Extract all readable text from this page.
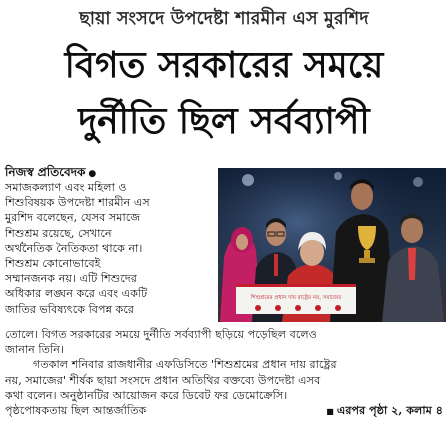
ছায়া সংসদে উপদেষ্টা শারমীন এস মুরশিদ
বিগত সরকারের সময়ে
দুর্নীতি ছিল সর্বব্যাপী
নিজস্ব প্রতিবেদক ●
সমাজকল্যাণ এবং মহিলা ও
শিশুবিষয়ক উপদেষ্টা শারমীন এস
মুরশিদ বলেছেন, যেসব সমাজে
শিশুশ্রম রয়েছে, সেখানে
অর্থনৈতিক নৈতিকতা থাকে না।
শিশুশ্রম কোনোভাবেই
সম্মানজনক নয়। এটি শিশুদের
অধিকার লঙ্ঘন করে এবং একটি
জাতির ভবিষ্যৎকে বিপন্ন করে
শিশুশ্রমের প্রধান দায় রাষ্ট্রের নয়, সমাজের
তোলে। বিগত সরকারের সময়ে দুর্নীতি সর্বব্যাপী ছড়িয়ে পড়েছিল বলেও
জানান তিনি।
গতকাল শনিবার রাজধানীর এফডিসিতে 'শিশুশ্রমের প্রধান দায় রাষ্ট্রের
নয়, সমাজের' শীর্ষক ছায়া সংসদে প্রধান অতিথির বক্তব্যে উপদেষ্টা এসব
কথা বলেন। অনুষ্ঠানটির আয়োজন করে ডিবেট ফর ডেমোক্রেসি।
পৃষ্ঠপোষকতায় ছিল আন্তর্জাতিক	■ এরপর পৃষ্ঠা ২, কলাম ৪
